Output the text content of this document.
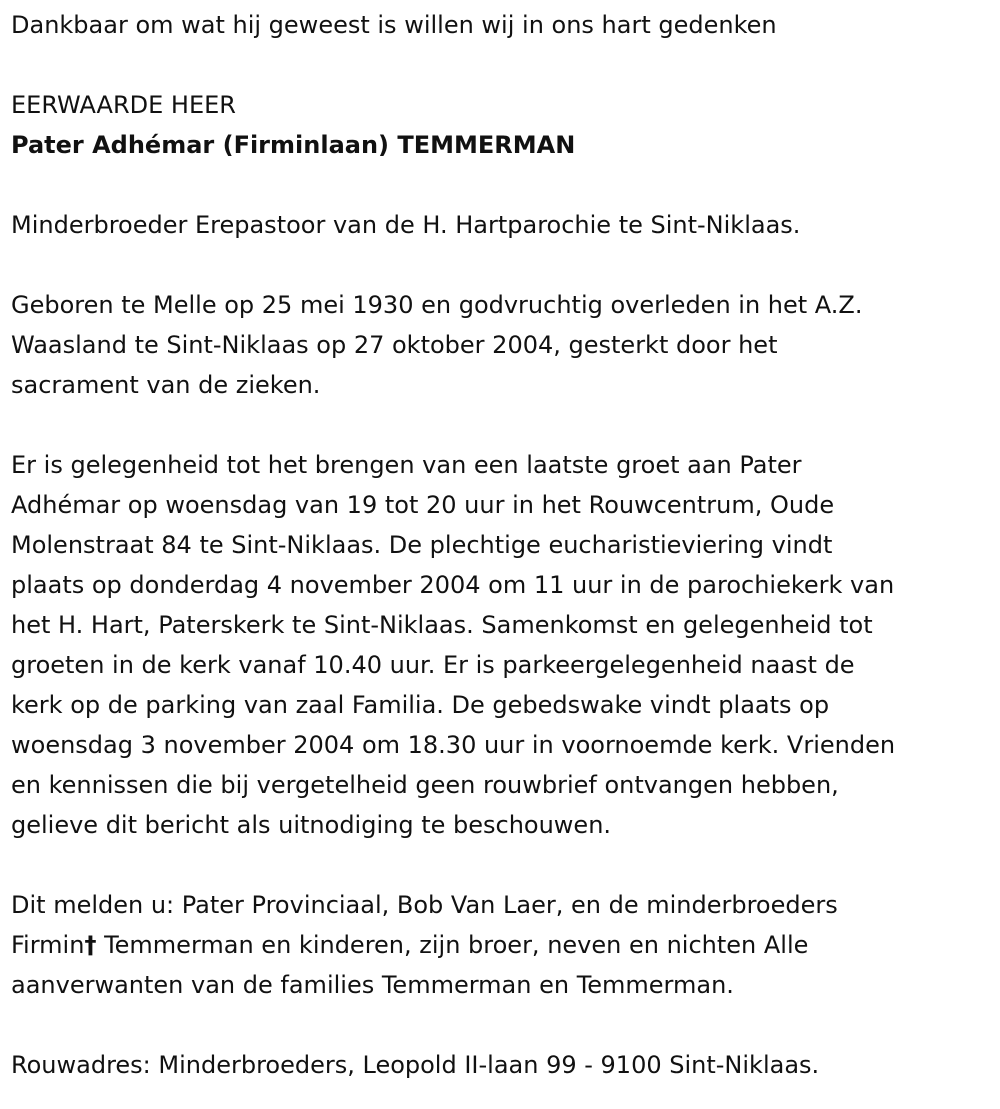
Dankbaar om wat hij geweest is willen wij in ons hart gedenken

EERWAARDE HEER

Pater Adhémar (Firminlaan) TEMMERMAN

Minderbroeder Erepastoor van de H. Hartparochie te Sint-Niklaas.

Geboren te Melle op 25 mei 1930 en godvruchtig overleden in het A.Z.

Waasland te Sint-Niklaas op 27 oktober 2004, gesterkt door het

sacrament van de zieken.

Er is gelegenheid tot het brengen van een laatste groet aan Pater

Adhémar op woensdag van 19 tot 20 uur in het Rouwcentrum, Oude

Molenstraat 84 te Sint-Niklaas. De plechtige eucharistieviering vindt

plaats op donderdag 4 november 2004 om 11 uur in de parochiekerk van

het H. Hart, Paterskerk te Sint-Niklaas. Samenkomst en gelegenheid tot

groeten in de kerk vanaf 10.40 uur. Er is parkeergelegenheid naast de

kerk op de parking van zaal Familia. De gebedswake vindt plaats op

woensdag 3 november 2004 om 18.30 uur in voornoemde kerk. Vrienden

en kennissen die bij vergetelheid geen rouwbrief ontvangen hebben,

gelieve dit bericht als uitnodiging te beschouwen.

Dit melden u: Pater Provinciaal, Bob Van Laer, en de minderbroeders

Firmin† Temmerman en kinderen, zijn broer, neven en nichten Alle

aanverwanten van de families Temmerman en Temmerman.

Rouwadres: Minderbroeders, Leopold II-laan 99 - 9100 Sint-Niklaas.
